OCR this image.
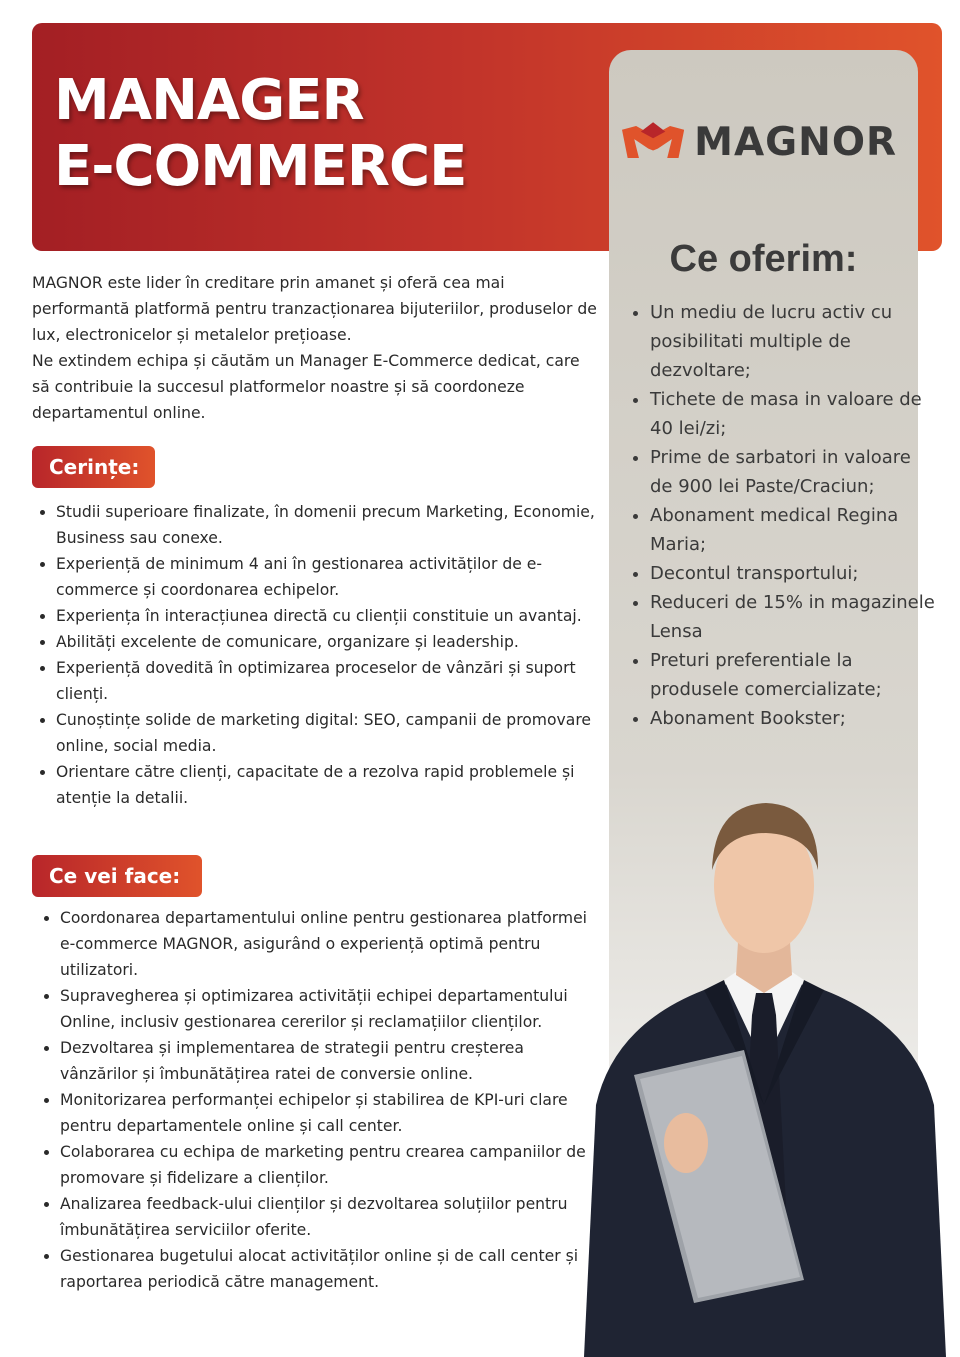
MANAGER
E-COMMERCE	MAGNOR
Ce oferim:
• Un mediu de lucru activ cu posibilitati multiple de dezvoltare;
• Tichete de masa in valoare de 40 lei/zi;
• Prime de sarbatori in valoare de 900 lei Paste/Craciun;
• Abonament medical Regina Maria;
• Decontul transportului;
• Reduceri de 15% in magazinele Lensa
• Preturi preferentiale la produsele comercializate;
• Abonament Bookster;

MAGNOR este lider în creditare prin amanet și oferă cea mai performantă platformă pentru tranzacționarea bijuteriilor, produselor de lux, electronicelor și metalelor prețioase.
Ne extindem echipa și căutăm un Manager E-Commerce dedicat, care să contribuie la succesul platformelor noastre și să coordoneze departamentul online.

Cerințe:
• Studii superioare finalizate, în domenii precum Marketing, Economie, Business sau conexe.
• Experiență de minimum 4 ani în gestionarea activităților de e-commerce și coordonarea echipelor.
• Experiența în interacțiunea directă cu clienții constituie un avantaj.
• Abilități excelente de comunicare, organizare și leadership.
• Experiență dovedită în optimizarea proceselor de vânzări și suport clienți.
• Cunoștințe solide de marketing digital: SEO, campanii de promovare online, social media.
• Orientare către clienți, capacitate de a rezolva rapid problemele și atenție la detalii.
Ce vei face:
• Coordonarea departamentului online pentru gestionarea platformei e-commerce MAGNOR, asigurând o experiență optimă pentru utilizatori.
• Supravegherea și optimizarea activității echipei departamentului Online, inclusiv gestionarea cererilor și reclamațiilor clienților.
• Dezvoltarea și implementarea de strategii pentru creșterea vânzărilor și îmbunătățirea ratei de conversie online.
• Monitorizarea performanței echipelor și stabilirea de KPI-uri clare pentru departamentele online și call center.
• Colaborarea cu echipa de marketing pentru crearea campaniilor de promovare și fidelizare a clienților.
• Analizarea feedback-ului clienților și dezvoltarea soluțiilor pentru îmbunătățirea serviciilor oferite.
• Gestionarea bugetului alocat activităților online și de call center și raportarea periodică către management.
